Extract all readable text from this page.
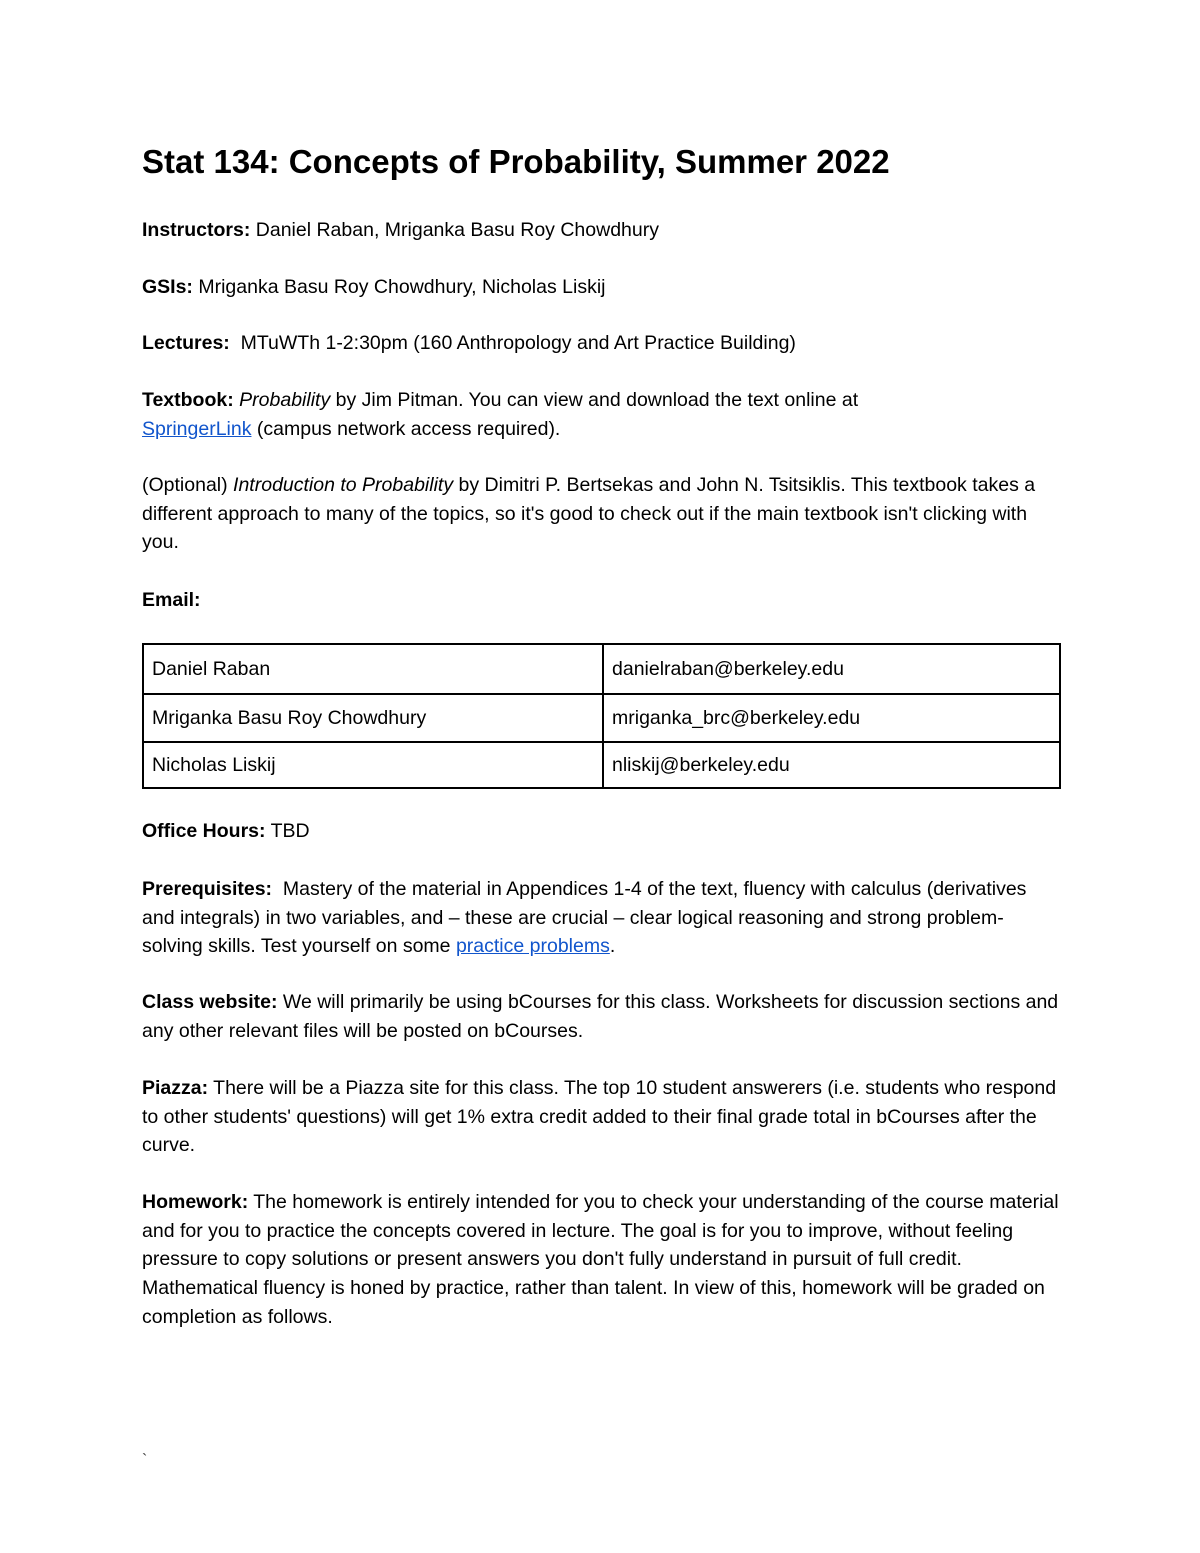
Stat 134: Concepts of Probability, Summer 2022

Instructors: Daniel Raban, Mriganka Basu Roy Chowdhury

GSIs: Mriganka Basu Roy Chowdhury, Nicholas Liskij

Lectures:  MTuWTh 1-2:30pm (160 Anthropology and Art Practice Building)

Textbook: Probability by Jim Pitman. You can view and download the text online at SpringerLink (campus network access required).

(Optional) Introduction to Probability by Dimitri P. Bertsekas and John N. Tsitsiklis. This textbook takes a different approach to many of the topics, so it's good to check out if the main textbook isn't clicking with you.

Email:

Daniel Raban	danielraban@berkeley.edu
Mriganka Basu Roy Chowdhury	mriganka_brc@berkeley.edu
Nicholas Liskij	nliskij@berkeley.edu

Office Hours: TBD

Prerequisites:  Mastery of the material in Appendices 1-4 of the text, fluency with calculus (derivatives and integrals) in two variables, and – these are crucial – clear logical reasoning and strong problem-solving skills. Test yourself on some practice problems.

Class website: We will primarily be using bCourses for this class. Worksheets for discussion sections and any other relevant files will be posted on bCourses.

Piazza: There will be a Piazza site for this class. The top 10 student answerers (i.e. students who respond to other students' questions) will get 1% extra credit added to their final grade total in bCourses after the curve.

Homework: The homework is entirely intended for you to check your understanding of the course material and for you to practice the concepts covered in lecture. The goal is for you to improve, without feeling pressure to copy solutions or present answers you don't fully understand in pursuit of full credit. Mathematical fluency is honed by practice, rather than talent. In view of this, homework will be graded on completion as follows.

`
